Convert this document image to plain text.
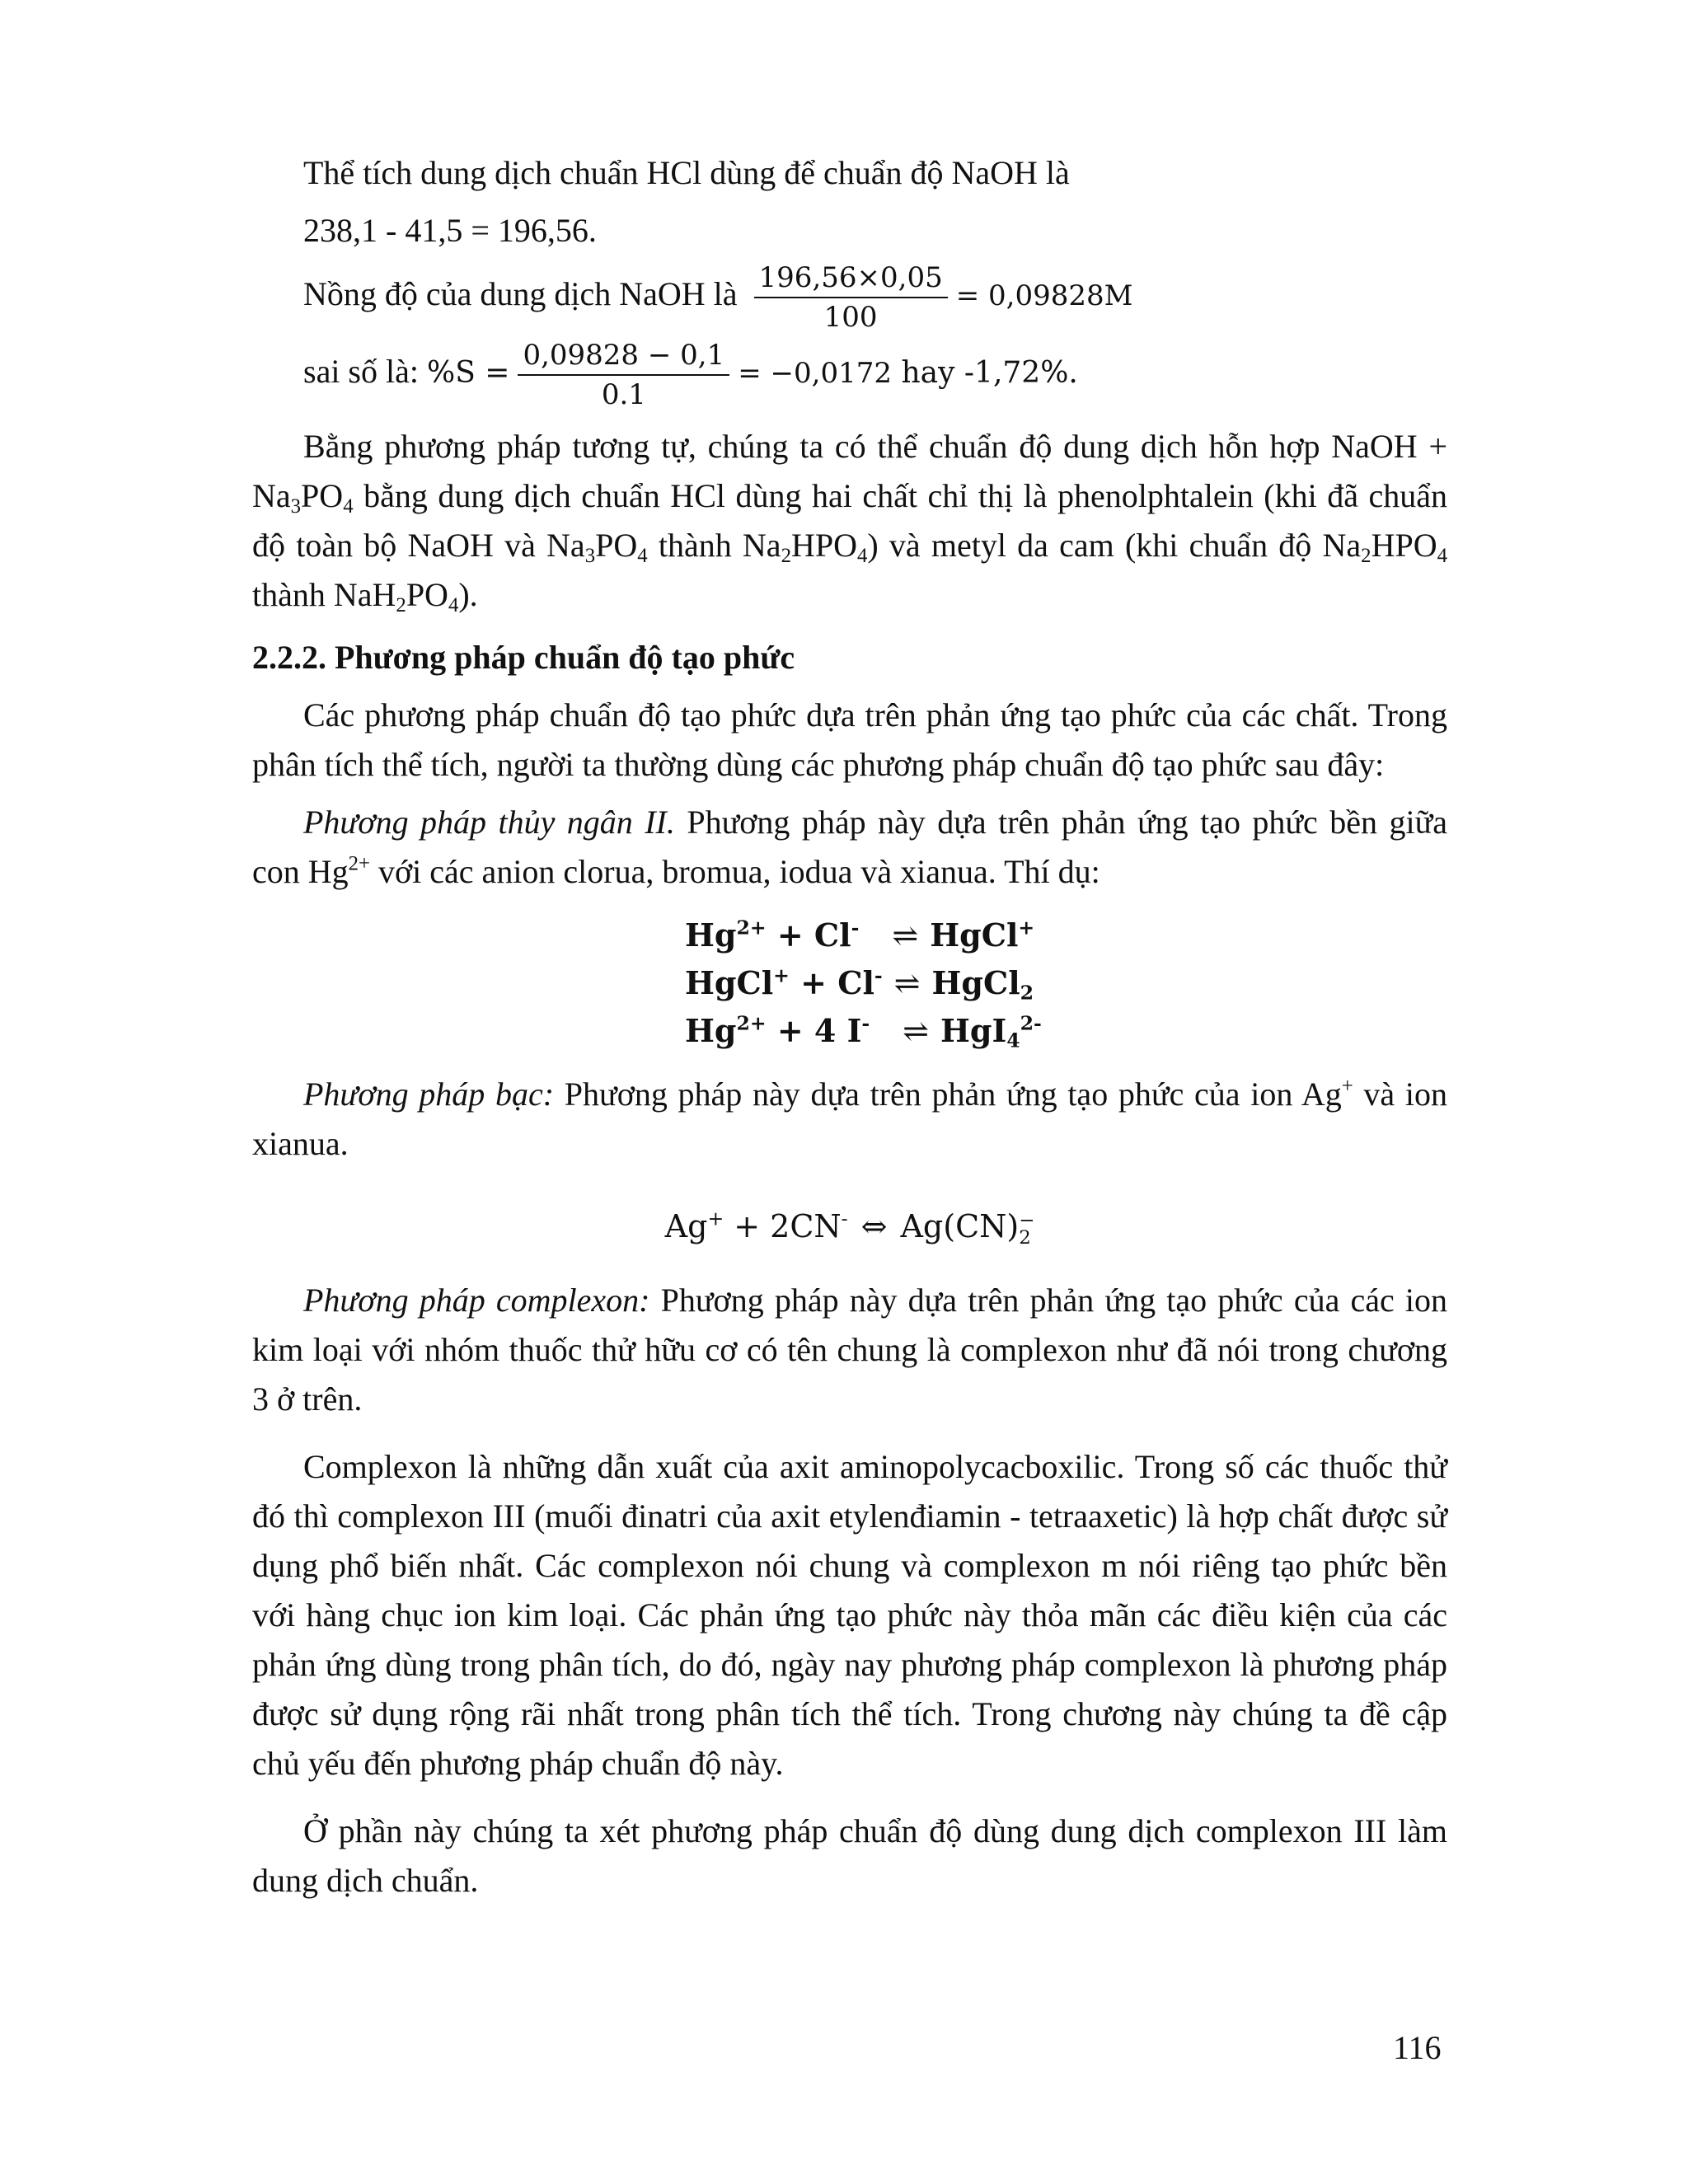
Thể tích dung dịch chuẩn HCl dùng để chuẩn độ NaOH là

238,1 - 41,5 = 196,56.

Nồng độ của dung dịch NaOH là $\frac{196,56\times 0,05}{100} = 0,09828M$

sai số là: $\%S = \frac{0,09828 - 0,1}{0.1} = -0,0172$ hay -1,72%.

Bằng phương pháp tương tự, chúng ta có thể chuẩn độ dung dịch hỗn hợp NaOH + $Na_3PO_4$ bằng dung dịch chuẩn HCl dùng hai chất chỉ thị là phenolphtalein (khi đã chuẩn độ toàn bộ NaOH và $Na_3PO_4$ thành $Na_2HPO_4$) và metyl da cam (khi chuẩn độ $Na_2HPO_4$ thành $NaH_2PO_4$).

2.2.2. Phương pháp chuẩn độ tạo phức

Các phương pháp chuẩn độ tạo phức dựa trên phản ứng tạo phức của các chất. Trong phân tích thể tích, người ta thường dùng các phương pháp chuẩn độ tạo phức sau đây:

Phương pháp thủy ngân II. Phương pháp này dựa trên phản ứng tạo phức bền giữa con $Hg^{2+}$ với các anion clorua, bromua, iodua và xianua. Thí dụ:

$Hg^{2+} + Cl^-$ ⇌ HgCl+
HgCl+ + Cl- ⇌ HgCl$_2$
$Hg^{2+} + 4$ I- ⇌ HgI$_4^{2-}$

Phương pháp bạc: Phương pháp này dựa trên phản ứng tạo phức của ion Ag+ và ion xianua.

Ag+ + 2CN- ⇔ Ag(CN) −
2

Phương pháp complexon: Phương pháp này dựa trên phản ứng tạo phức của các ion kim loại với nhóm thuốc thử hữu cơ có tên chung là complexon như đã nói trong chương 3 ở trên.

Complexon là những dẫn xuất của axit aminopolycacboxilic. Trong số các thuốc thử đó thì complexon III (muối đinatri của axit etylenđiamin - tetraaxetic) là hợp chất được sử dụng phổ biến nhất. Các complexon nói chung và complexon m nói riêng tạo phức bền với hàng chục ion kim loại. Các phản ứng tạo phức này thỏa mãn các điều kiện của các phản ứng dùng trong phân tích, do đó, ngày nay phương pháp complexon là phương pháp được sử dụng rộng rãi nhất trong phân tích thể tích. Trong chương này chúng ta đề cập chủ yếu đến phương pháp chuẩn độ này.

Ở phần này chúng ta xét phương pháp chuẩn độ dùng dung dịch complexon III làm dung dịch chuẩn.

116
